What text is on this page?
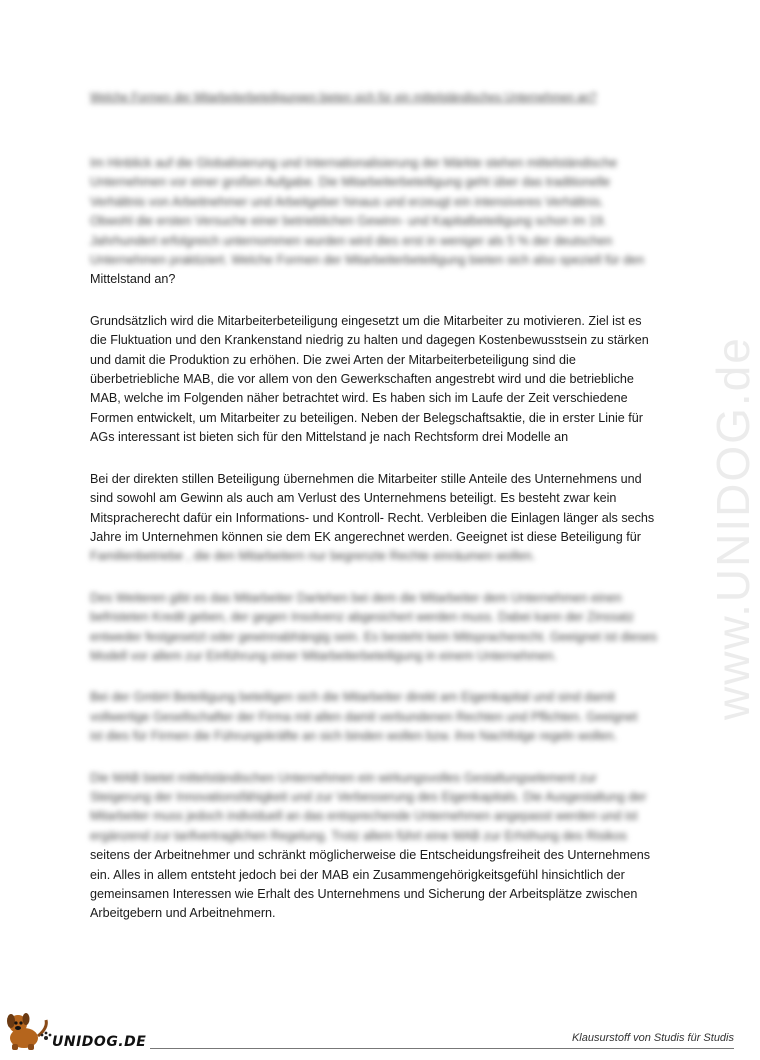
www.UNIDOG.de
Welche Formen der Mitarbeiterbeteiligungen bieten sich für ein mittelständisches Unternehmen an?
Im Hinblick auf die Globalisierung und Internationalisierung der Märkte stehen mittelständische
Unternehmen vor einer großen Aufgabe. Die Mitarbeiterbeteiligung geht über das traditionelle
Verhältnis von Arbeitnehmer und Arbeitgeber hinaus und erzeugt ein intensiveres Verhältnis.
Obwohl die ersten Versuche einer betrieblichen Gewinn- und Kapitalbeteiligung schon im 19.
Jahrhundert erfolgreich unternommen wurden wird dies erst in weniger als 5 % der deutschen
Unternehmen praktiziert. Welche Formen der Mitarbeiterbeteiligung bieten sich also speziell für den
Mittelstand an?
Grundsätzlich wird die Mitarbeiterbeteiligung eingesetzt um die Mitarbeiter zu motivieren. Ziel ist es
die Fluktuation und den Krankenstand niedrig zu halten und dagegen Kostenbewusstsein zu stärken
und damit die Produktion zu erhöhen. Die zwei Arten der Mitarbeiterbeteiligung sind die
überbetriebliche MAB, die vor allem von den Gewerkschaften angestrebt wird und die betriebliche
MAB, welche im Folgenden näher betrachtet wird. Es haben sich im Laufe der Zeit verschiedene
Formen entwickelt, um Mitarbeiter zu beteiligen. Neben der Belegschaftsaktie, die in erster Linie für
AGs interessant ist bieten sich für den Mittelstand je nach Rechtsform drei Modelle an
Bei der direkten stillen Beteiligung übernehmen die Mitarbeiter stille Anteile des Unternehmens und
sind sowohl am Gewinn als auch am Verlust des Unternehmens beteiligt. Es besteht zwar kein
Mitspracherecht dafür ein Informations- und Kontroll- Recht. Verbleiben die Einlagen länger als sechs
Jahre im Unternehmen können sie dem EK angerechnet werden. Geeignet ist diese Beteiligung für
Familienbetriebe , die den Mitarbeitern nur begrenzte Rechte einräumen wollen.
Des Weiteren gibt es das Mitarbeiter Darlehen bei dem die Mitarbeiter dem Unternehmen einen
befristeten Kredit geben, der gegen Insolvenz abgesichert werden muss. Dabei kann der Zinssatz
entweder festgesetzt oder gewinnabhängig sein. Es besteht kein Mitspracherecht. Geeignet ist dieses
Modell vor allem zur Einführung einer Mitarbeiterbeteiligung in einem Unternehmen.
Bei der GmbH Beteiligung beteiligen sich die Mitarbeiter direkt am Eigenkapital und sind damit
vollwertige Gesellschafter der Firma mit allen damit verbundenen Rechten und Pflichten. Geeignet
ist dies für Firmen die Führungskräfte an sich binden wollen bzw. ihre Nachfolge regeln wollen.
Die MAB bietet mittelständischen Unternehmen ein wirkungsvolles Gestaltungselement zur
Steigerung der Innovationsfähigkeit und zur Verbesserung des Eigenkapitals. Die Ausgestaltung der
Mitarbeiter muss jedoch individuell an das entsprechende Unternehmen angepasst werden und ist
ergänzend zur tarifvertraglichen Regelung. Trotz allem führt eine MAB zur Erhöhung des Risikos
seitens der Arbeitnehmer und schränkt möglicherweise die Entscheidungsfreiheit des Unternehmens
ein. Alles in allem entsteht jedoch bei der MAB ein Zusammengehörigkeitsgefühl hinsichtlich der
gemeinsamen Interessen wie Erhalt des Unternehmens und Sicherung der Arbeitsplätze zwischen
Arbeitgebern und Arbeitnehmern.
UNIDOG.DE	Klausurstoff von Studis für Studis
